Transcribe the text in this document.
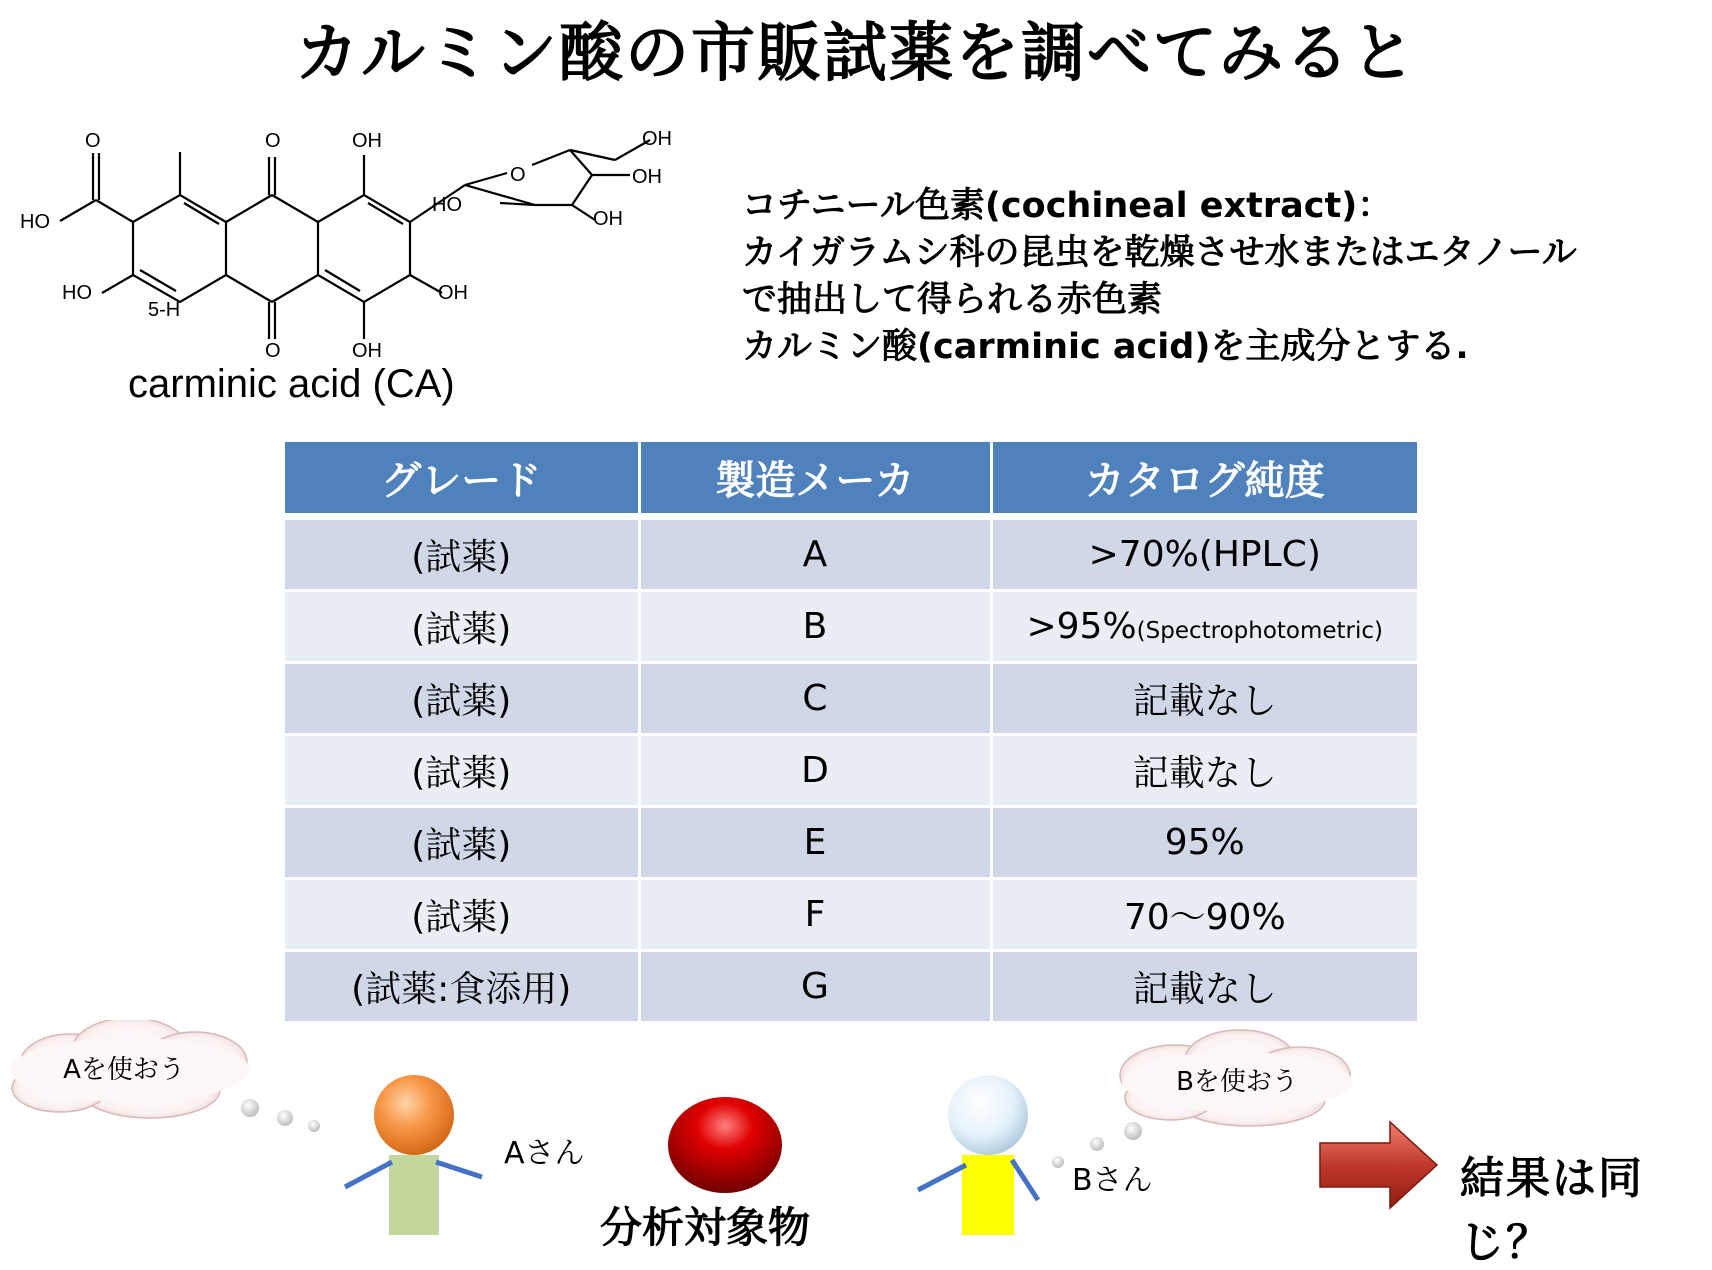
カルミン酸の市販試薬を調べてみると
O	O	OH	OH
HO
O	OH
OH
HO
HO
5-H
OH
O	OH
carminic acid (CA)
コチニール色素(cochineal extract)：
カイガラムシ科の昆虫を乾燥させ水またはエタノール
で抽出して得られる赤色素
カルミン酸(carminic acid)を主成分とする.
グレード	製造メーカ	カタログ純度
(試薬)	A	>70%(HPLC)
(試薬)	B	>95%(Spectrophotometric)
(試薬)	C	記載なし
(試薬)	D	記載なし
(試薬)	E	95%
(試薬)	F	70～90%
(試薬:食添用)	G	記載なし
Aを使おう
Aさん
Bを使おう
Bさん
分析対象物
結果は同じ？
